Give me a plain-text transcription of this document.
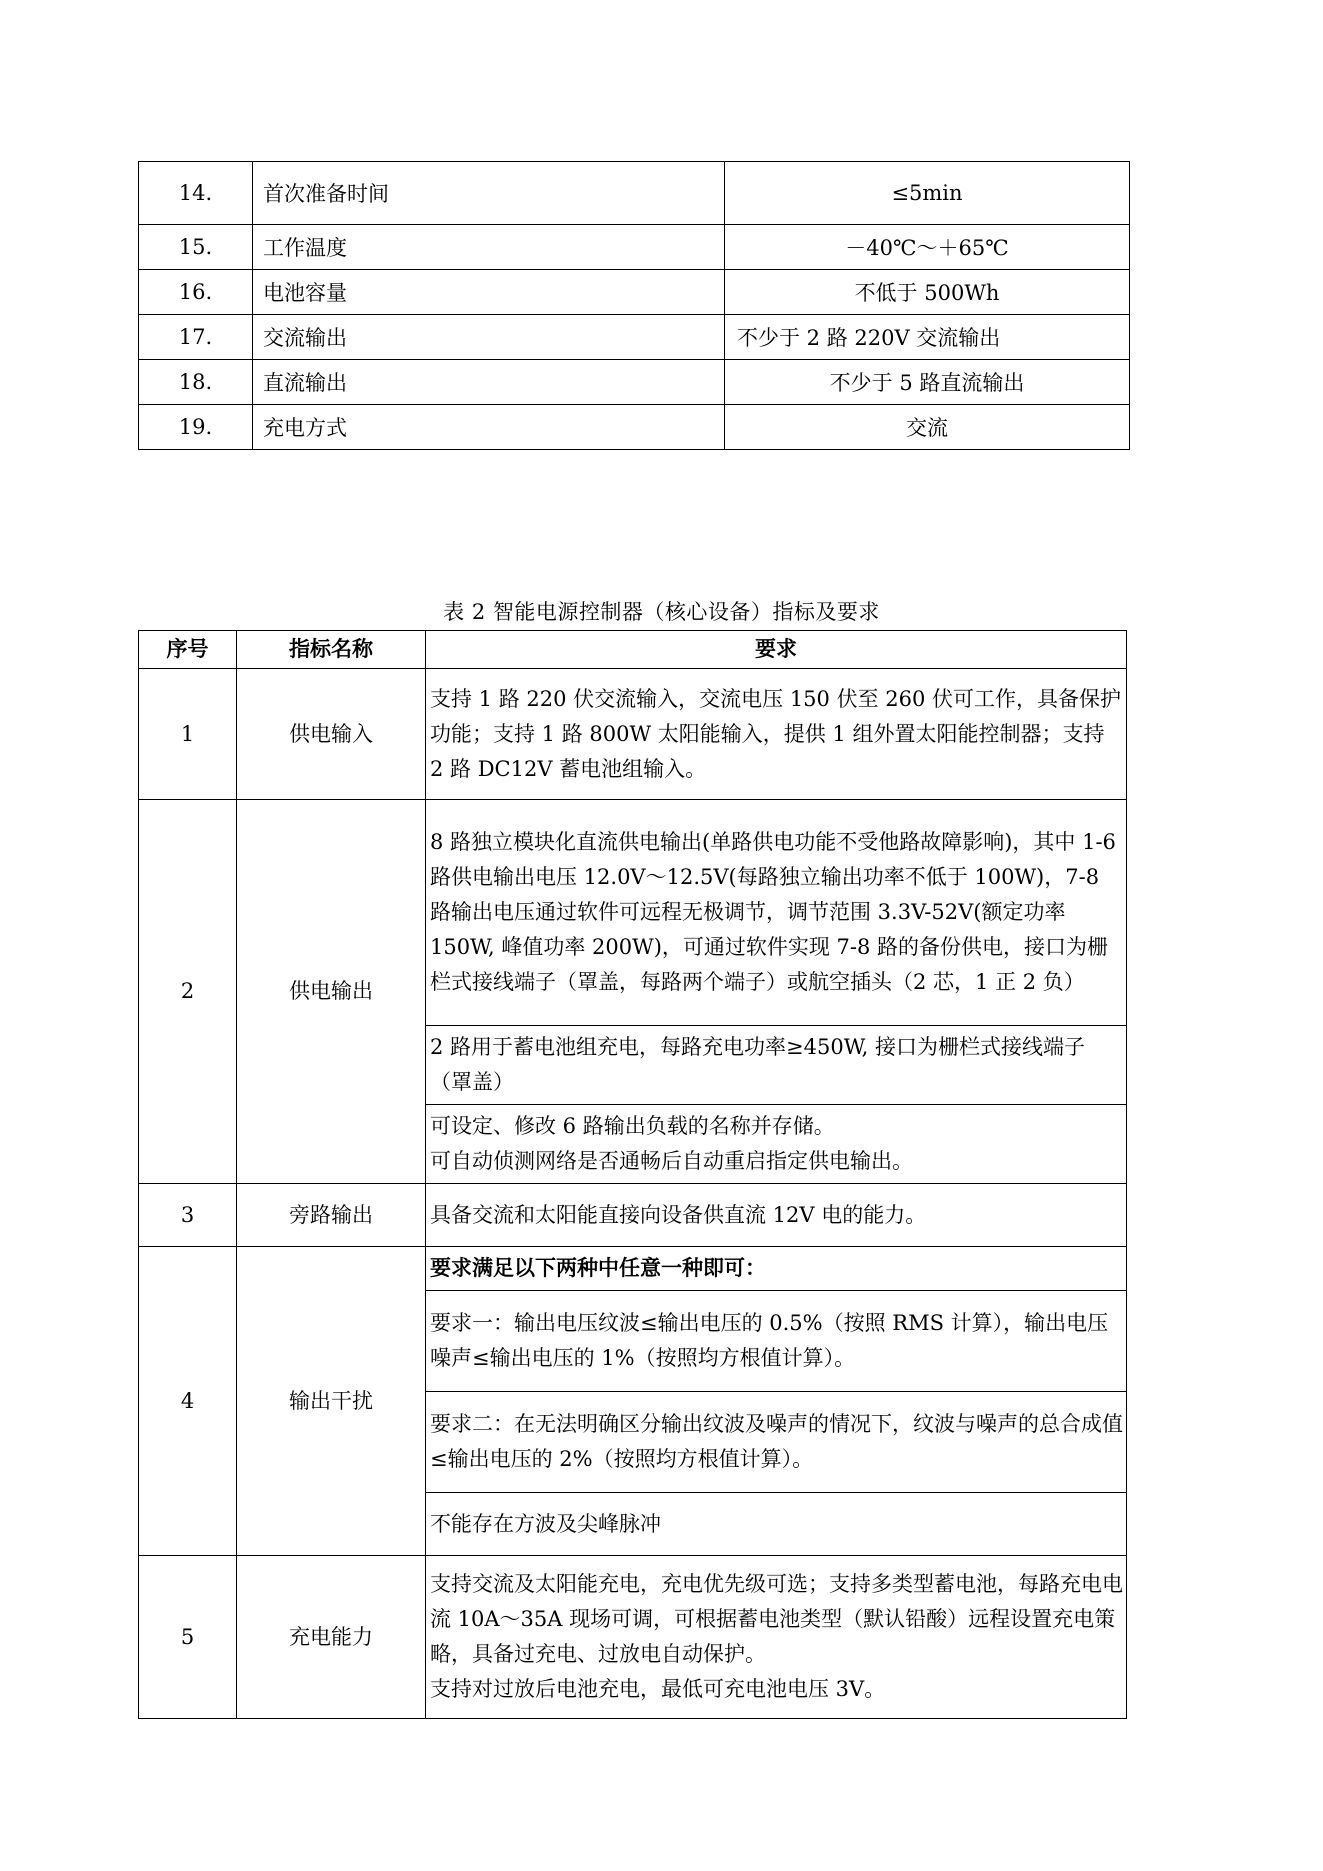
14.	首次准备时间	≤5min
15.	工作温度	－40℃～＋65℃
16.	电池容量	不低于 500Wh
17.	交流输出	不少于 2 路 220V 交流输出
18.	直流输出	不少于 5 路直流输出
19.	充电方式	交流
表 2 智能电源控制器（核心设备）指标及要求
序号	指标名称	要求
1	供电输入	支持 1 路 220 伏交流输入，交流电压 150 伏至 260 伏可工作，具备保护功能；支持 1 路 800W 太阳能输入，提供 1 组外置太阳能控制器；支持 2 路 DC12V 蓄电池组输入。

2	供电输出	8 路独立模块化直流供电输出(单路供电功能不受他路故障影响)，其中 1-6 路供电输出电压 12.0V～12.5V(每路独立输出功率不低于 100W)，7-8 路输出电压通过软件可远程无极调节，调节范围 3.3V-52V(额定功率 150W, 峰值功率 200W)，可通过软件实现 7-8 路的备份供电，接口为栅栏式接线端子（罩盖，每路两个端子）或航空插头（2 芯，1 正 2 负）

		2 路用于蓄电池组充电，每路充电功率≥450W, 接口为栅栏式接线端子（罩盖）

		可设定、修改 6 路输出负载的名称并存储。
可自动侦测网络是否通畅后自动重启指定供电输出。

3	旁路输出	具备交流和太阳能直接向设备供直流 12V 电的能力。

4	输出干扰	要求满足以下两种中任意一种即可：

		要求一：输出电压纹波≤输出电压的 0.5%（按照 RMS 计算），输出电压噪声≤输出电压的 1%（按照均方根值计算）。

		要求二：在无法明确区分输出纹波及噪声的情况下，纹波与噪声的总合成值≤输出电压的 2%（按照均方根值计算）。

		不能存在方波及尖峰脉冲

5	充电能力	支持交流及太阳能充电，充电优先级可选；支持多类型蓄电池，每路充电电流 10A～35A 现场可调，可根据蓄电池类型（默认铅酸）远程设置充电策略，具备过充电、过放电自动保护。
支持对过放后电池充电，最低可充电池电压 3V。
